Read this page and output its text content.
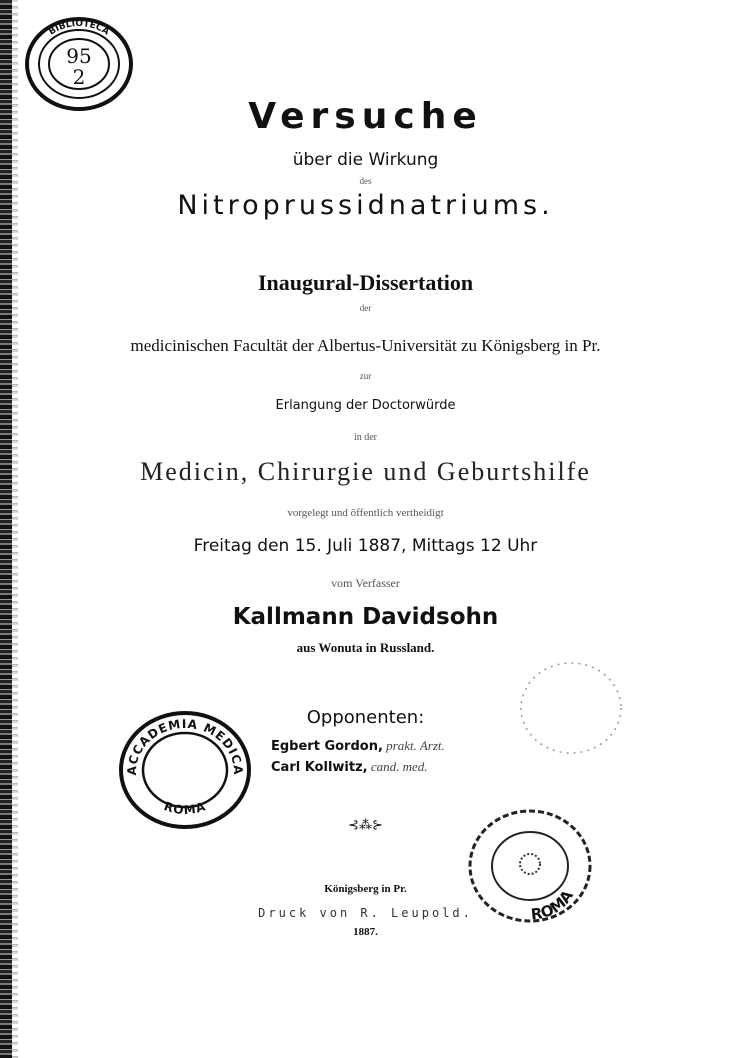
BIBLIOTECA
95
2
Versuche
über die Wirkung
des
Nitroprussidnatriums.
Inaugural-Dissertation
der
medicinischen Facultät der Albertus-Universität zu Königsberg in Pr.
zur
Erlangung der Doctorwürde
in der
Medicin, Chirurgie und Geburtshilfe
vorgelegt und öffentlich vertheidigt
Freitag den 15. Juli 1887, Mittags 12 Uhr
vom Verfasser
Kallmann Davidsohn
aus Wonuta in Russland.
Opponenten:
Egbert Gordon, prakt. Arzt.
Carl Kollwitz, cand. med.
⊰⁂⊱
Königsberg in Pr.
Druck von R. Leupold.
1887.
ACCADEMIA MEDICA
ROMA
ROMA
